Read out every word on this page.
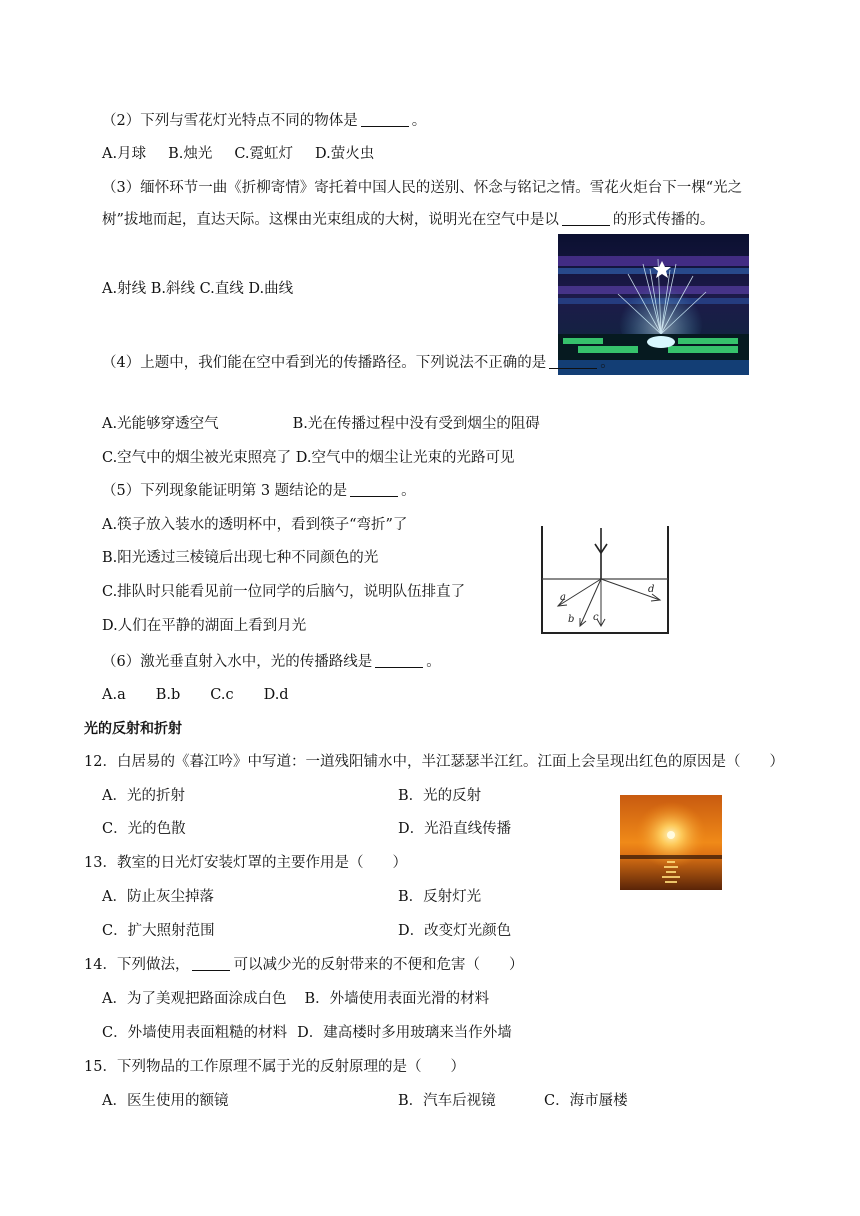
（2）下列与雪花灯光特点不同的物体是	。
A.月球 B.烛光 C.霓虹灯 D.萤火虫
（3）缅怀环节一曲《折柳寄情》寄托着中国人民的送别、怀念与铭记之情。雪花火炬台下一棵“光之
树”拔地而起，直达天际。这棵由光束组成的大树，说明光在空气中是以	的形式传播的。
A.射线 B.斜线 C.直线 D.曲线
（4）上题中，我们能在空中看到光的传播路径。下列说法不正确的是	。
A.光能够穿透空气	B.光在传播过程中没有受到烟尘的阻碍
C.空气中的烟尘被光束照亮了 D.空气中的烟尘让光束的光路可见
（5）下列现象能证明第 3 题结论的是	。
A.筷子放入装水的透明杯中，看到筷子“弯折”了
B.阳光透过三棱镜后出现七种不同颜色的光
C.排队时只能看见前一位同学的后脑勺，说明队伍排直了
D.人们在平静的湖面上看到月光
a
b c
d
（6）激光垂直射入水中，光的传播路线是	。
A.a B.b C.c D.d
光的反射和折射
12．白居易的《暮江吟》中写道：一道残阳铺水中，半江瑟瑟半江红。江面上会呈现出红色的原因是（　　）
A．光的折射	B．光的反射
C．光的色散	D．光沿直线传播
13．教室的日光灯安装灯罩的主要作用是（　　）
A．防止灰尘掉落	B．反射灯光
C．扩大照射范围	D．改变灯光颜色
14．下列做法，	可以减少光的反射带来的不便和危害（　　）
A．为了美观把路面涂成白色 B．外墙使用表面光滑的材料
C．外墙使用表面粗糙的材料 D．建高楼时多用玻璃来当作外墙
15．下列物品的工作原理不属于光的反射原理的是（　　）
A．医生使用的额镜	B．汽车后视镜	C．海市蜃楼
